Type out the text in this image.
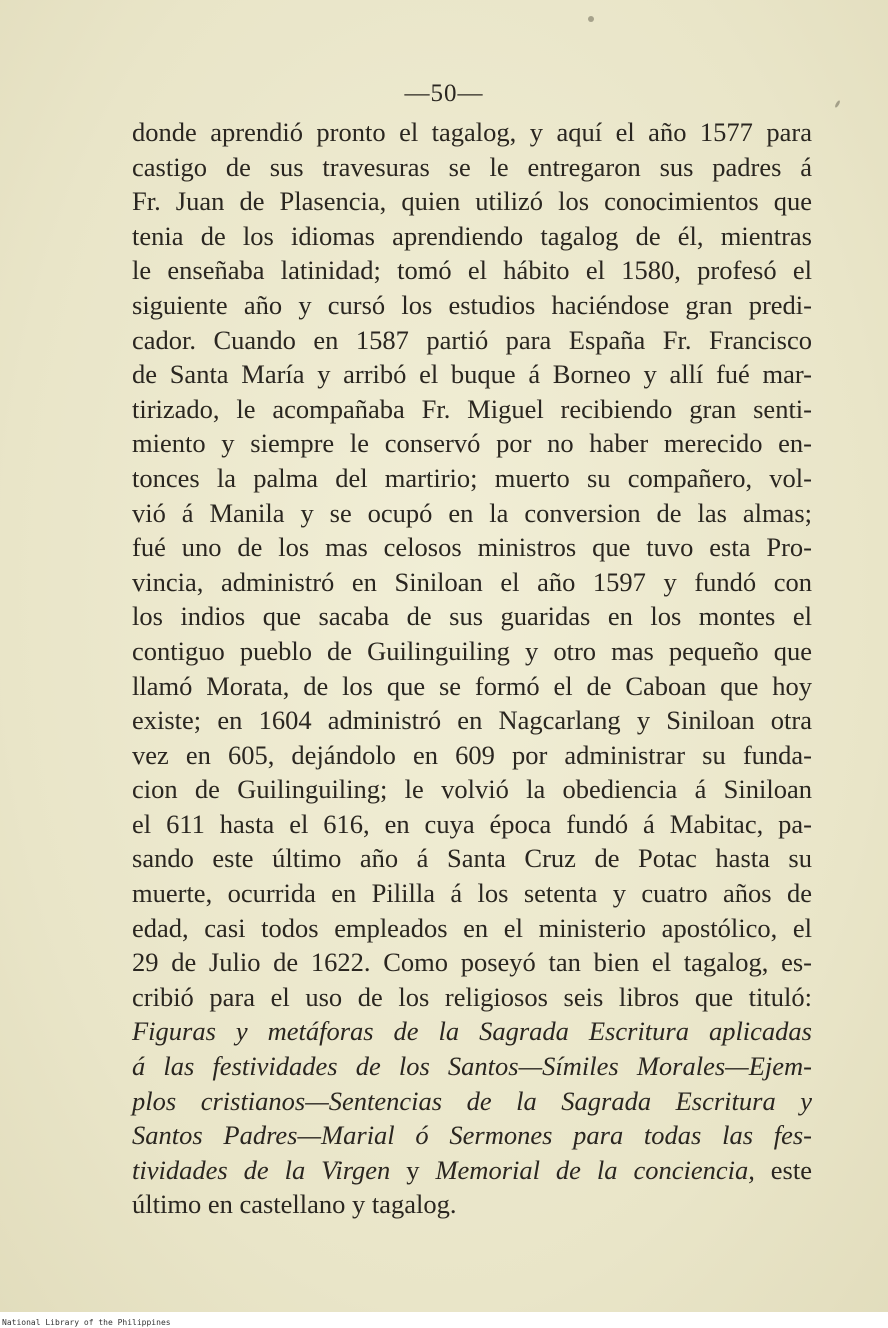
—50—
donde aprendió pronto el tagalog, y aquí el año 1577 para
castigo de sus travesuras se le entregaron sus padres á
Fr. Juan de Plasencia, quien utilizó los conocimientos que
tenia de los idiomas aprendiendo tagalog de él, mientras
le enseñaba latinidad; tomó el hábito el 1580, profesó el
siguiente año y cursó los estudios haciéndose gran predi-
cador. Cuando en 1587 partió para España Fr. Francisco
de Santa María y arribó el buque á Borneo y allí fué mar-
tirizado, le acompañaba Fr. Miguel recibiendo gran senti-
miento y siempre le conservó por no haber merecido en-
tonces la palma del martirio; muerto su compañero, vol-
vió á Manila y se ocupó en la conversion de las almas;
fué uno de los mas celosos ministros que tuvo esta Pro-
vincia, administró en Siniloan el año 1597 y fundó con
los indios que sacaba de sus guaridas en los montes el
contiguo pueblo de Guilinguiling y otro mas pequeño que
llamó Morata, de los que se formó el de Caboan que hoy
existe; en 1604 administró en Nagcarlang y Siniloan otra
vez en 605, dejándolo en 609 por administrar su funda-
cion de Guilinguiling; le volvió la obediencia á Siniloan
el 611 hasta el 616, en cuya época fundó á Mabitac, pa-
sando este último año á Santa Cruz de Potac hasta su
muerte, ocurrida en Pililla á los setenta y cuatro años de
edad, casi todos empleados en el ministerio apostólico, el
29 de Julio de 1622. Como poseyó tan bien el tagalog, es-
cribió para el uso de los religiosos seis libros que tituló:
Figuras y metáforas de la Sagrada Escritura aplicadas
á las festividades de los Santos—Símiles Morales—Ejem-
plos cristianos—Sentencias de la Sagrada Escritura y
Santos Padres—Marial ó Sermones para todas las fes-
tividades de la Virgen y Memorial de la conciencia, este
último en castellano y tagalog.
National Library of the Philippines
